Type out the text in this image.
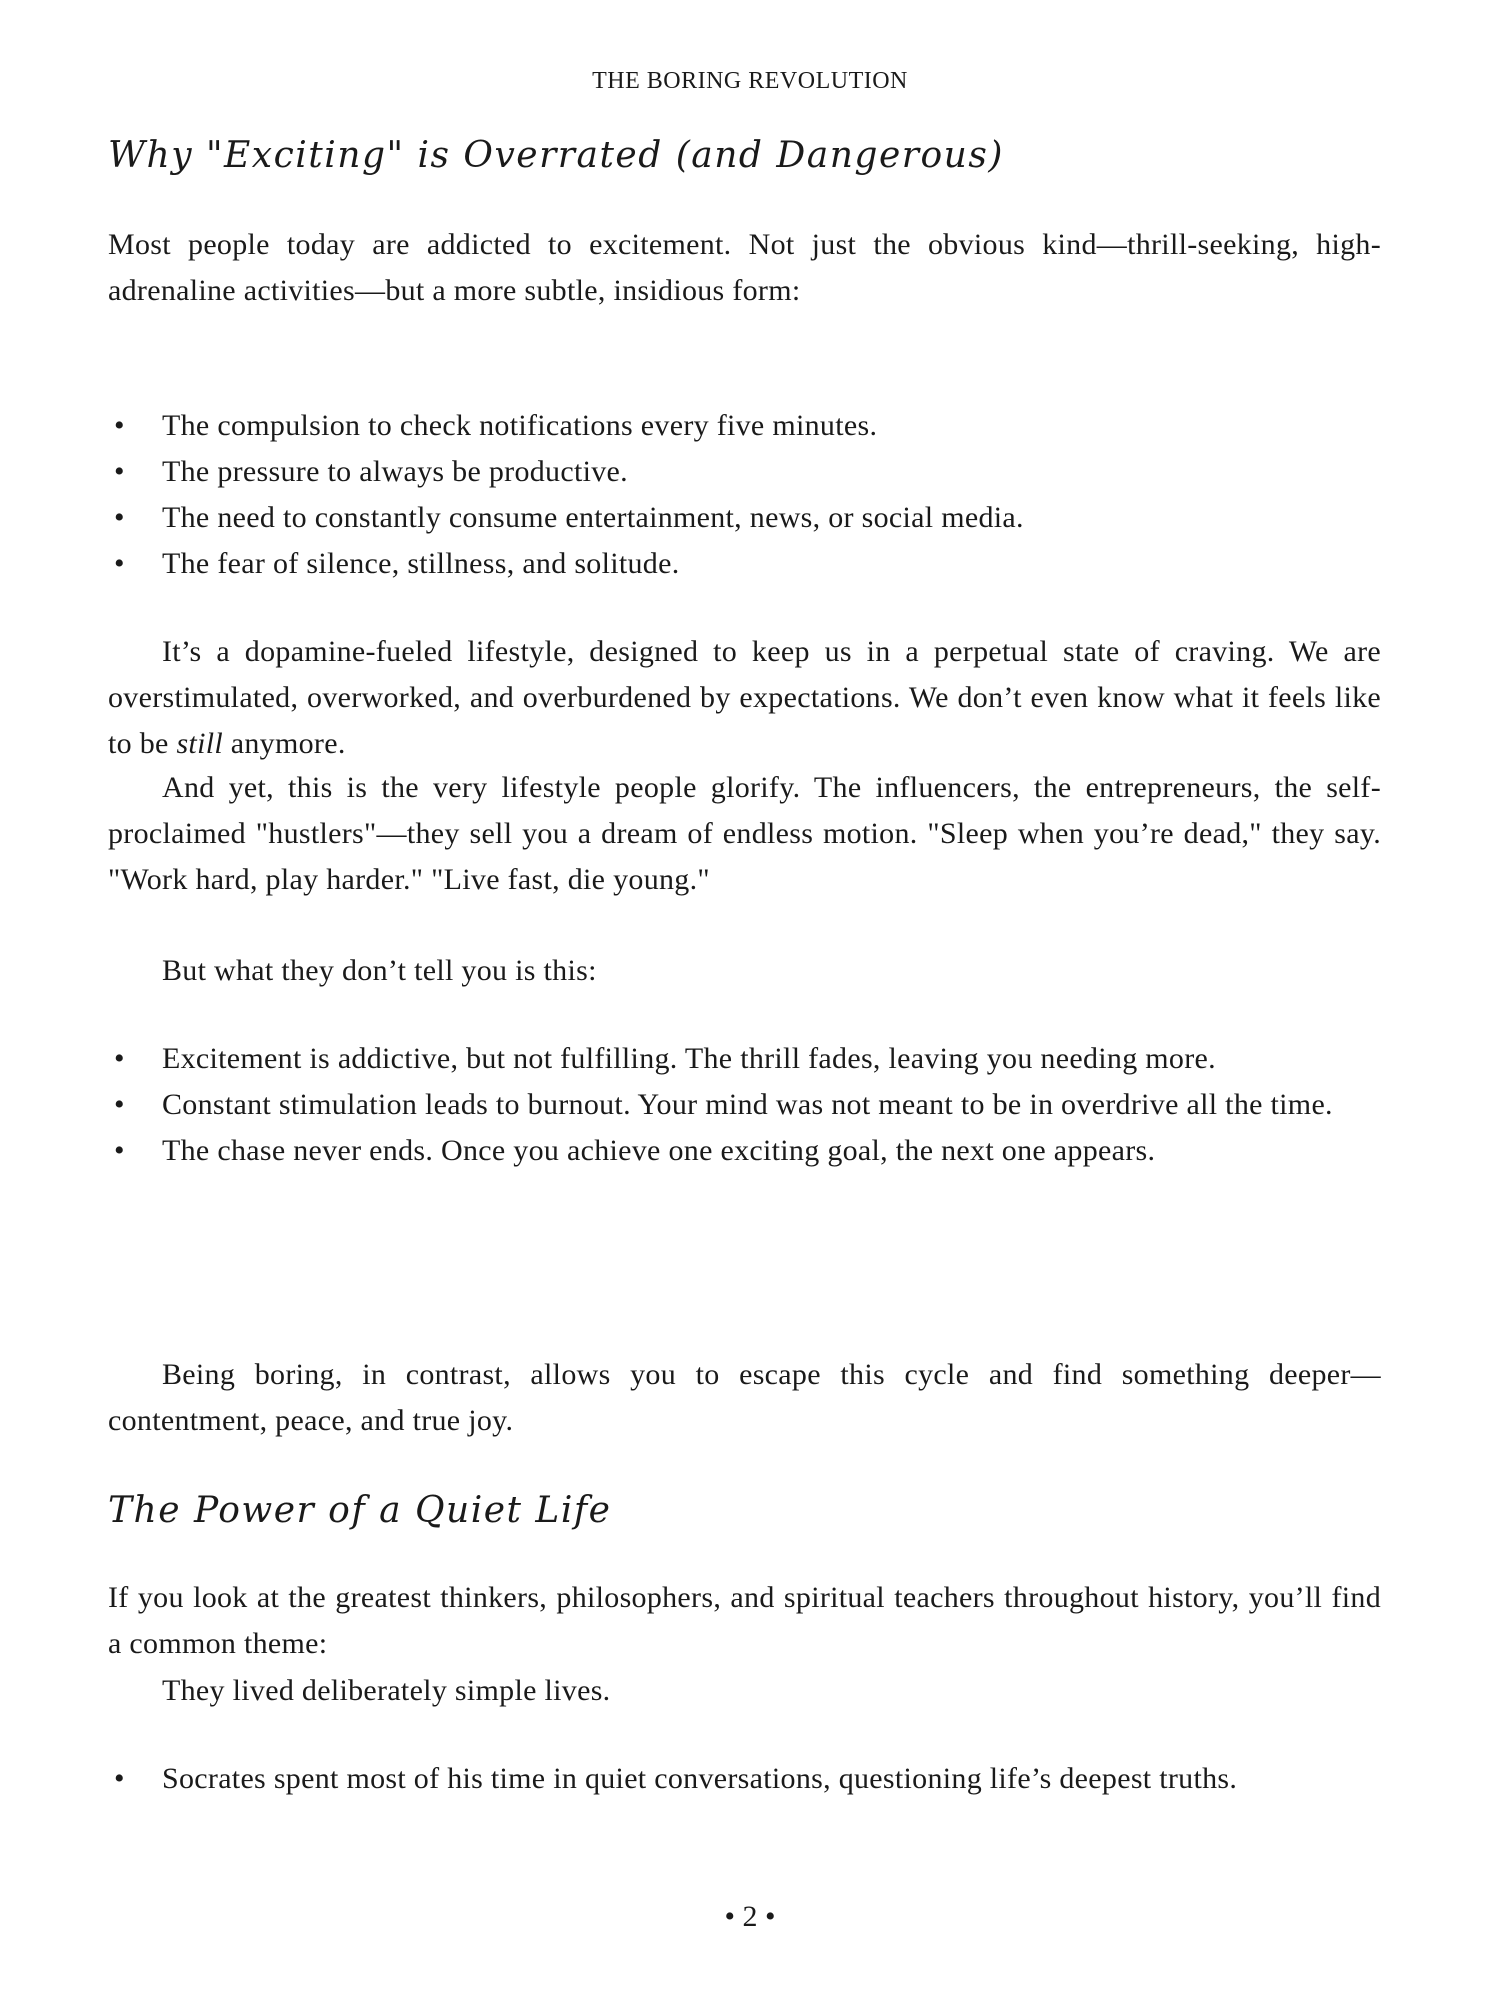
THE BORING REVOLUTION
Why "Exciting" is Overrated (and Dangerous)
Most people today are addicted to excitement. Not just the obvious kind—thrill-seeking, high-adrenaline activities—but a more subtle, insidious form:
• The compulsion to check notifications every five minutes.
• The pressure to always be productive.
• The need to constantly consume entertainment, news, or social media.
• The fear of silence, stillness, and solitude.
It’s a dopamine-fueled lifestyle, designed to keep us in a perpetual state of craving. We are overstimulated, overworked, and overburdened by expectations. We don’t even know what it feels like to be still anymore.
And yet, this is the very lifestyle people glorify. The influencers, the entrepreneurs, the self-proclaimed "hustlers"—they sell you a dream of endless motion. "Sleep when you’re dead," they say. "Work hard, play harder." "Live fast, die young."
But what they don’t tell you is this:
• Excitement is addictive, but not fulfilling. The thrill fades, leaving you needing more.
• Constant stimulation leads to burnout. Your mind was not meant to be in overdrive all the time.
• The chase never ends. Once you achieve one exciting goal, the next one appears.
Being boring, in contrast, allows you to escape this cycle and find something deeper—contentment, peace, and true joy.
The Power of a Quiet Life
If you look at the greatest thinkers, philosophers, and spiritual teachers throughout history, you’ll find a common theme:
They lived deliberately simple lives.
• Socrates spent most of his time in quiet conversations, questioning life’s deepest truths.
• 2 •
